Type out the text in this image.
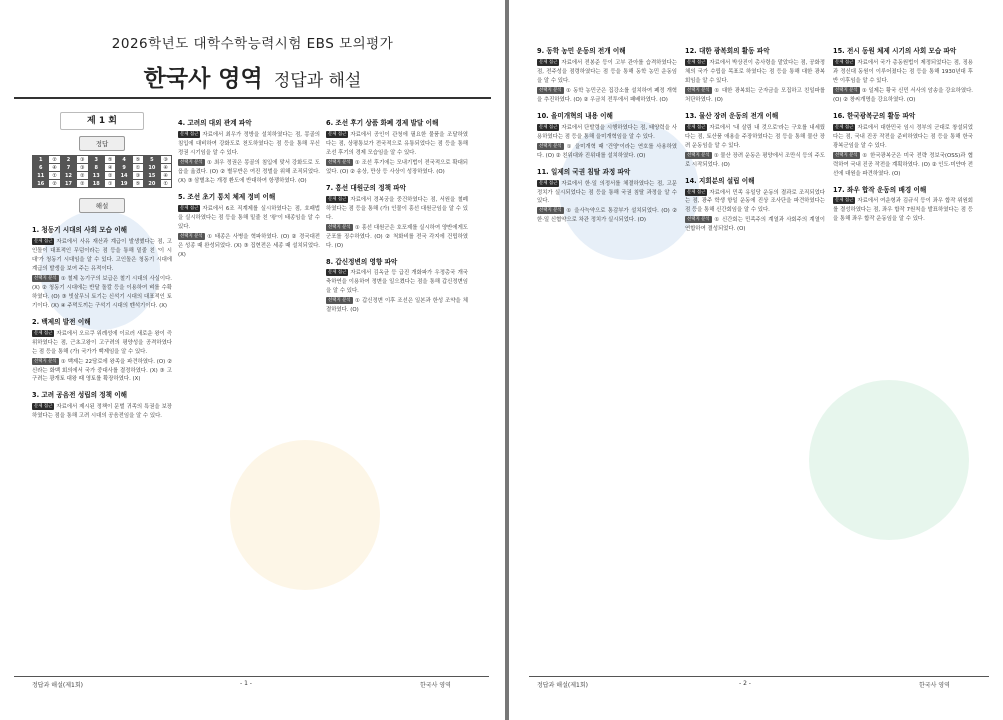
2026학년도 대학수학능력시험 EBS 모의평가
한국사 영역 정답과 해설
제 1 회
정답
1	②	2	③	3	⑤	4	⑤	5	③
6	④	7	③	8	④	9	①	10	④
11	①	12	②	13	②	14	③	15	④
16	②	17	②	18	①	19	⑤	20	①
해설
1. 청동기 시대의 사회 모습 이해

문제 접근 자료에서 사유 재산과 계급이 발생했다는 점, 고인돌이 대표적인 무덤이라는 점 등을 통해 밑줄 친 '이 시대'가 청동기 시대임을 알 수 있다. 고인돌은 청동기 시대에 계급의 발생을 보여 주는 유적이다.

선택지 분석 ① 철제 농기구의 보급은 철기 시대의 사실이다. (X) ② 청동기 시대에는 반달 돌칼 등을 이용하여 벼를 수확하였다. (O) ③ 빗살무늬 토기는 신석기 시대의 대표적인 토기이다. (X) ④ 주먹도끼는 구석기 시대의 뗀석기이다. (X)

2. 백제의 발전 이해

문제 접근 자료에서 오르쿠 위례성에 이르러 새로운 왕이 즉위하였다는 점, 근초고왕이 고구려의 평양성을 공격하였다는 점 등을 통해 (가) 국가가 백제임을 알 수 있다.

선택지 분석 ① 백제는 22담로에 왕족을 파견하였다. (O) ② 신라는 화백 회의에서 국가 중대사를 결정하였다. (X) ③ 고구려는 광개토 대왕 때 영토를 확장하였다. (X)

3. 고려 공음전 성립의 정책 이해

문제 접근 자료에서 제시된 정책이 문벌 귀족의 특권을 보장하였다는 점을 통해 고려 시대의 공음전임을 알 수 있다.

4. 고려의 대외 관계 파악

문제 접근 자료에서 최우가 정방을 설치하였다는 점, 몽골의 침입에 대비하여 강화도로 천도하였다는 점 등을 통해 무신 정권 시기임을 알 수 있다.

선택지 분석 ① 최우 정권은 몽골의 침입에 맞서 강화도로 도읍을 옮겼다. (O) ② 별무반은 여진 정벌을 위해 조직되었다. (X) ③ 삼별초는 개경 환도에 반대하여 항쟁하였다. (O)

5. 조선 초기 통치 체제 정비 이해

문제 접근 자료에서 6조 직계제를 실시하였다는 점, 호패법을 실시하였다는 점 등을 통해 밑줄 친 '왕'이 태종임을 알 수 있다.

선택지 분석 ① 태종은 사병을 혁파하였다. (O) ② 경국대전은 성종 때 완성되었다. (X) ③ 집현전은 세종 때 설치되었다. (X)

6. 조선 후기 상품 화폐 경제 발달 이해

문제 접근 자료에서 공인이 관청에 필요한 물품을 조달하였다는 점, 상평통보가 전국적으로 유통되었다는 점 등을 통해 조선 후기의 경제 모습임을 알 수 있다.

선택지 분석 ① 조선 후기에는 모내기법이 전국적으로 확대되었다. (O) ② 송상, 만상 등 사상이 성장하였다. (O)

7. 흥선 대원군의 정책 파악

문제 접근 자료에서 경복궁을 중건하였다는 점, 서원을 철폐하였다는 점 등을 통해 (가) 인물이 흥선 대원군임을 알 수 있다.

선택지 분석 ① 흥선 대원군은 호포제를 실시하여 양반에게도 군포를 징수하였다. (O) ② 척화비를 전국 각지에 건립하였다. (O)

8. 갑신정변의 영향 파악

문제 접근 자료에서 김옥균 등 급진 개화파가 우정총국 개국 축하연을 이용하여 정변을 일으켰다는 점을 통해 갑신정변임을 알 수 있다.

선택지 분석 ① 갑신정변 이후 조선은 일본과 한성 조약을 체결하였다. (O)

정답과 해설(제1회)	- 1 -	한국사 영역
9. 동학 농민 운동의 전개 이해

문제 접근 자료에서 전봉준 등이 고부 관아를 습격하였다는 점, 전주성을 점령하였다는 점 등을 통해 동학 농민 운동임을 알 수 있다.

선택지 분석 ① 동학 농민군은 집강소를 설치하여 폐정 개혁을 추진하였다. (O) ② 우금치 전투에서 패배하였다. (O)

10. 을미개혁의 내용 이해

문제 접근 자료에서 단발령을 시행하였다는 점, 태양력을 사용하였다는 점 등을 통해 을미개혁임을 알 수 있다.

선택지 분석 ① 을미개혁 때 '건양'이라는 연호를 사용하였다. (O) ② 친위대와 진위대를 설치하였다. (O)

11. 일제의 국권 침탈 과정 파악

문제 접근 자료에서 한·일 의정서를 체결하였다는 점, 고문 정치가 실시되었다는 점 등을 통해 국권 침탈 과정을 알 수 있다.

선택지 분석 ① 을사늑약으로 통감부가 설치되었다. (O) ② 한·일 신협약으로 차관 정치가 실시되었다. (O)

12. 대한 광복회의 활동 파악

문제 접근 자료에서 박상진이 총사령을 맡았다는 점, 공화정체의 국가 수립을 목표로 하였다는 점 등을 통해 대한 광복회임을 알 수 있다.

선택지 분석 ① 대한 광복회는 군자금을 모집하고 친일파를 처단하였다. (O)

13. 물산 장려 운동의 전개 이해

문제 접근 자료에서 '내 살림 내 것으로'라는 구호를 내세웠다는 점, 토산품 애용을 주장하였다는 점 등을 통해 물산 장려 운동임을 알 수 있다.

선택지 분석 ① 물산 장려 운동은 평양에서 조만식 등의 주도로 시작되었다. (O)

14. 지회분의 설립 이해

문제 접근 자료에서 민족 유일당 운동의 결과로 조직되었다는 점, 광주 학생 항일 운동에 진상 조사단을 파견하였다는 점 등을 통해 신간회임을 알 수 있다.

선택지 분석 ① 신간회는 민족주의 계열과 사회주의 계열이 연합하여 결성되었다. (O)

15. 전시 동원 체제 시기의 사회 모습 파악

문제 접근 자료에서 국가 총동원법이 제정되었다는 점, 징용과 정신대 동원이 이루어졌다는 점 등을 통해 1930년대 후반 이후임을 알 수 있다.

선택지 분석 ① 일제는 황국 신민 서사의 암송을 강요하였다. (O) ② 창씨개명을 강요하였다. (O)

16. 한국광복군의 활동 파악

문제 접근 자료에서 대한민국 임시 정부의 군대로 창설되었다는 점, 국내 진공 작전을 준비하였다는 점 등을 통해 한국광복군임을 알 수 있다.

선택지 분석 ① 한국광복군은 미국 전략 정보국(OSS)과 협력하여 국내 진공 작전을 계획하였다. (O) ② 인도·미얀마 전선에 대원을 파견하였다. (O)

17. 좌우 합작 운동의 배경 이해

문제 접근 자료에서 여운형과 김규식 등이 좌우 합작 위원회를 결성하였다는 점, 좌우 합작 7원칙을 발표하였다는 점 등을 통해 좌우 합작 운동임을 알 수 있다.

정답과 해설(제1회)	- 2 -	한국사 영역
